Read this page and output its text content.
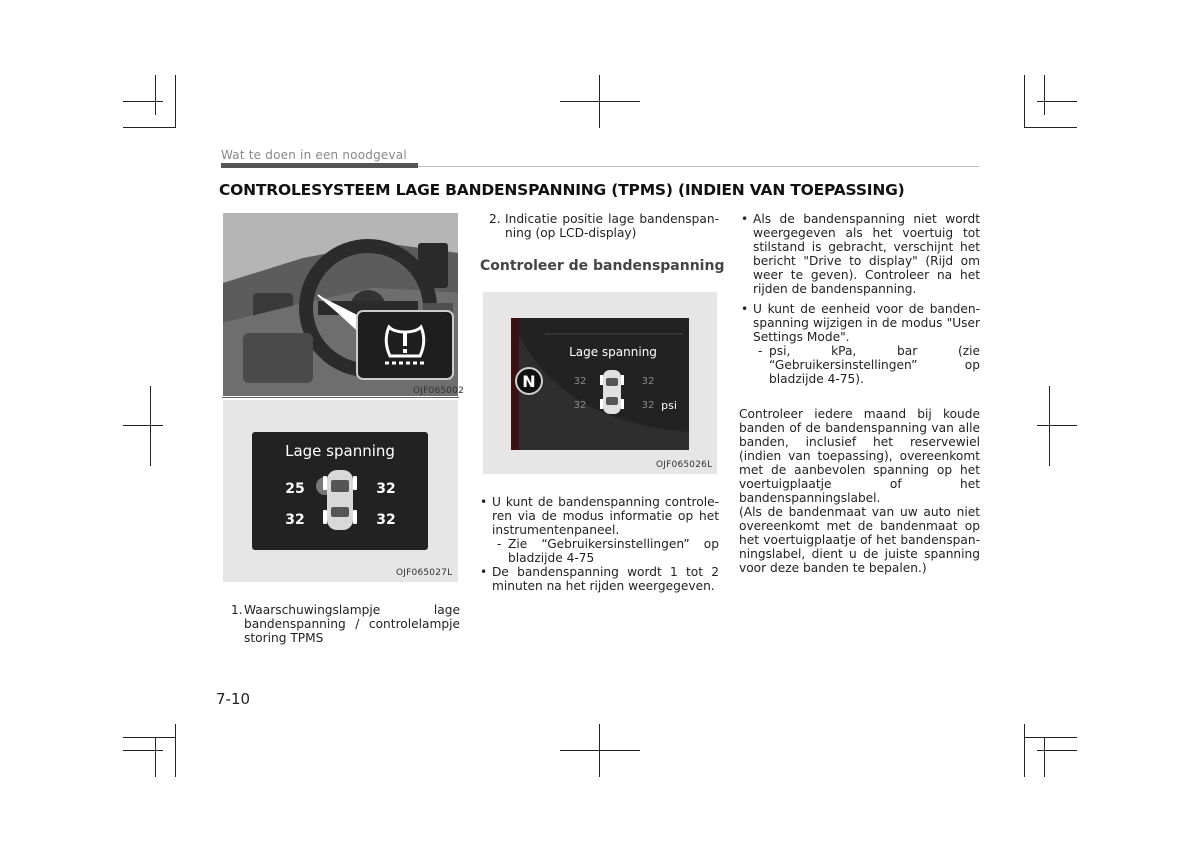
Wat te doen in een noodgeval
CONTROLESYSTEEM LAGE BANDENSPANNING (TPMS) (INDIEN VAN TOEPASSING)
OJF065002
Lage spanning
25	32
32	32
OJF065027L

1. Waarschuwingslampje lage bandenspanning / controlelampje storing TPMS

2. Indicatie positie lage bandenspanning (op LCD-display)

Controleer de bandenspanning
N
Lage spanning
32	32
32	32 psi
OJF065026L

• U kunt de bandenspanning controleren via de modus informatie op het instrumentenpaneel.

- Zie “Gebruikersinstellingen” op bladzijde 4-75

• De bandenspanning wordt 1 tot 2 minuten na het rijden weergegeven.

• Als de bandenspanning niet wordt weergegeven als het voertuig tot stilstand is gebracht, verschijnt het bericht "Drive to display" (Rijd om weer te geven). Controleer na het rijden de bandenspanning.

• U kunt de eenheid voor de bandenspanning wijzigen in de modus "User Settings Mode".

- psi, kPa, bar (zie “Gebruikersinstellingen” op bladzijde 4-75).

Controleer iedere maand bij koude banden of de bandenspanning van alle banden, inclusief het reservewiel (indien van toepassing), overeenkomt met de aanbevolen spanning op het voertuigplaatje of het bandenspanningslabel.

(Als de bandenmaat van uw auto niet overeenkomt met de bandenmaat op het voertuigplaatje of het bandenspanningslabel, dient u de juiste spanning voor deze banden te bepalen.)

7-10
